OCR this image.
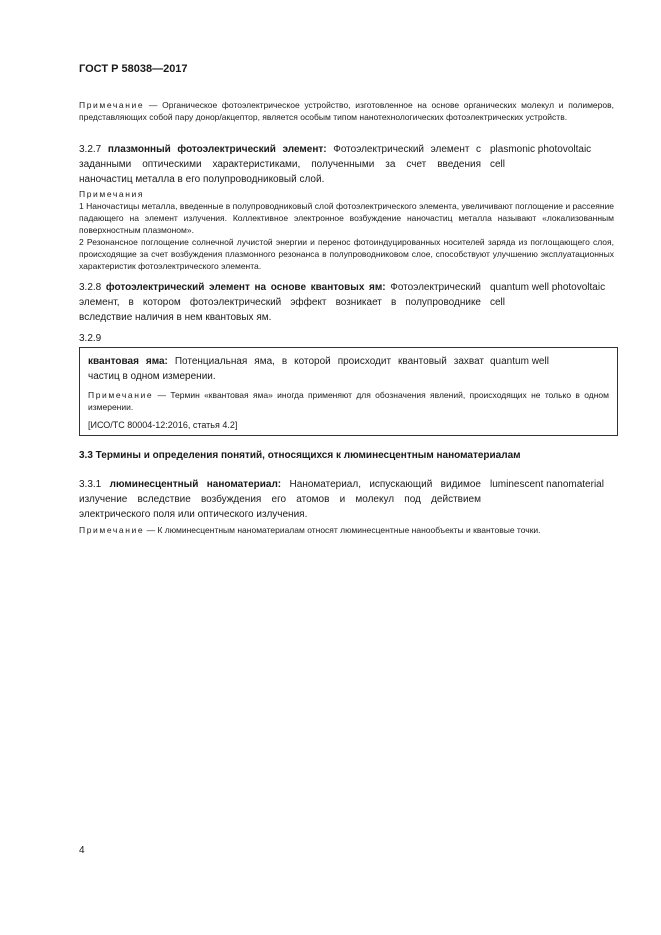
ГОСТ Р 58038—2017
Примечание — Органическое фотоэлектрическое устройство, изготовленное на основе органических молекул и полимеров, представляющих собой пару донор/акцептор, является особым типом нанотехнологических фотоэлектрических устройств.
3.2.7 плазмонный фотоэлектрический элемент: Фотоэлектрический элемент с заданными оптическими характеристиками, полученными за счет введения наночастиц металла в его полупроводниковый слой.
plasmonic photovoltaic
cell
Примечания
1 Наночастицы металла, введенные в полупроводниковый слой фотоэлектрического элемента, увеличивают поглощение и рассеяние падающего на элемент излучения. Коллективное электронное возбуждение наночастиц металла называют «локализованным поверхностным плазмоном».
2 Резонансное поглощение солнечной лучистой энергии и перенос фотоиндуцированных носителей заряда из поглощающего слоя, происходящие за счет возбуждения плазмонного резонанса в полупроводниковом слое, способствуют улучшению эксплуатационных характеристик фотоэлектрического элемента.
3.2.8 фотоэлектрический элемент на основе квантовых ям: Фотоэлектрический элемент, в котором фотоэлектрический эффект возникает в полупроводнике вследствие наличия в нем квантовых ям.
quantum well photovoltaic
cell
3.2.9
квантовая яма: Потенциальная яма, в которой происходит квантовый захват частиц в одном измерении.
quantum well
Примечание — Термин «квантовая яма» иногда применяют для обозначения явлений, происходящих не только в одном измерении.
[ИСО/ТС 80004-12:2016, статья 4.2]
3.3 Термины и определения понятий, относящихся к люминесцентным наноматериалам
3.3.1 люминесцентный наноматериал: Наноматериал, испускающий видимое излучение вследствие возбуждения его атомов и молекул под действием электрического поля или оптического излучения.
luminescent nanomaterial
Примечание — К люминесцентным наноматериалам относят люминесцентные нанообъекты и квантовые точки.
4
